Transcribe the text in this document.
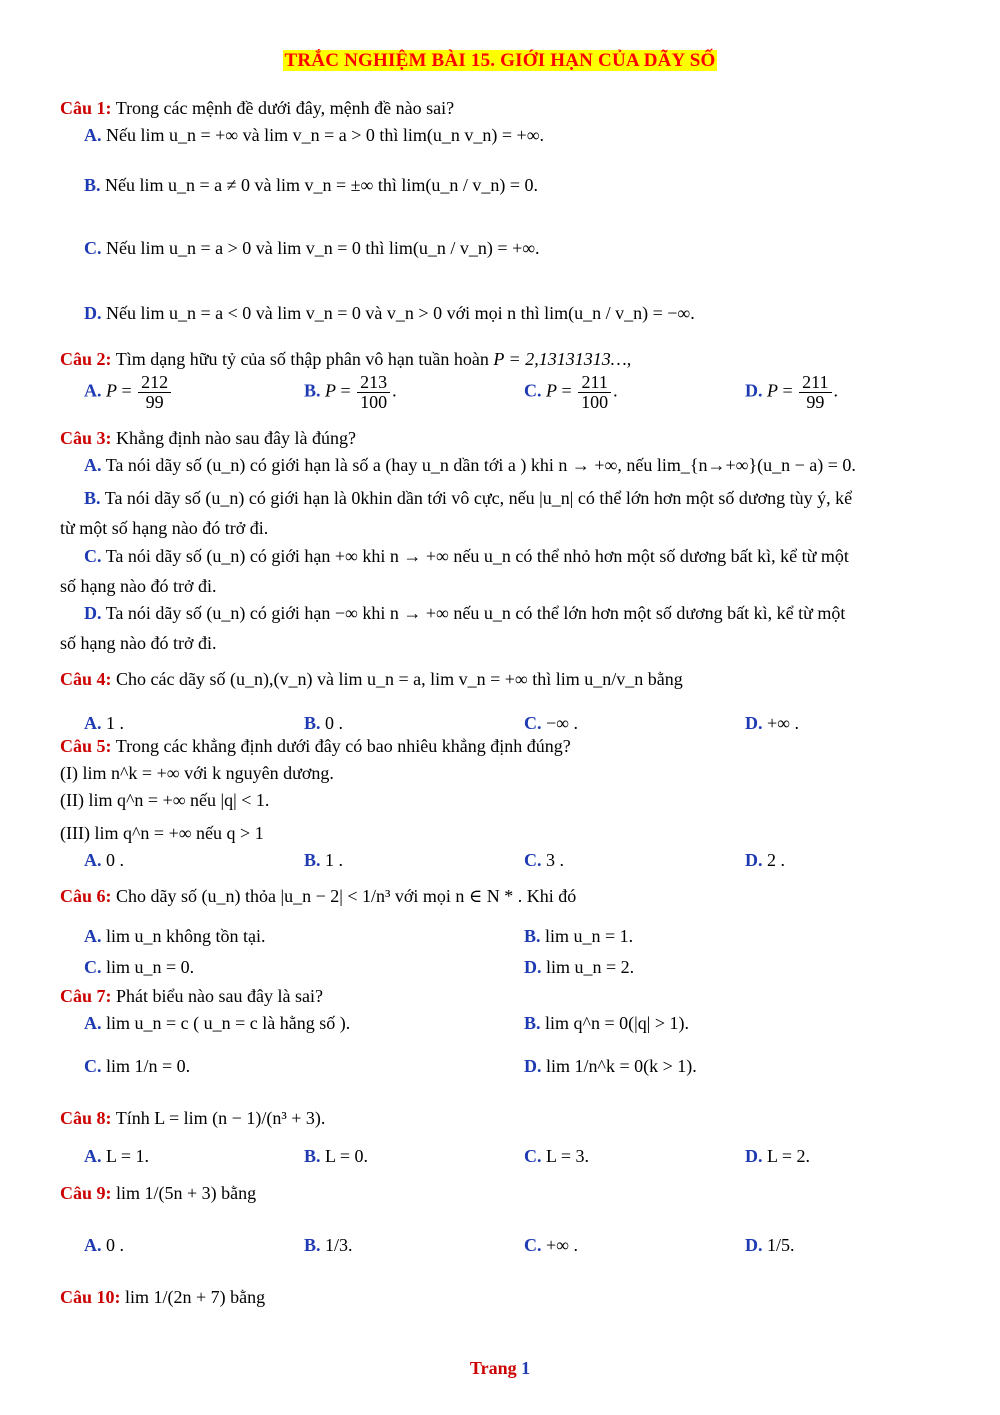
TRẮC NGHIỆM BÀI 15. GIỚI HẠN CỦA DÃY SỐ
Câu 1: Trong các mệnh đề dưới đây, mệnh đề nào sai?
A. Nếu lim u_n = +∞ và lim v_n = a > 0 thì lim(u_n v_n) = +∞.
B. Nếu lim u_n = a ≠ 0 và lim v_n = ±∞ thì lim(u_n / v_n) = 0.
C. Nếu lim u_n = a > 0 và lim v_n = 0 thì lim(u_n / v_n) = +∞.
D. Nếu lim u_n = a < 0 và lim v_n = 0 và v_n > 0 với mọi n thì lim(u_n / v_n) = −∞.
Câu 2: Tìm dạng hữu tỷ của số thập phân vô hạn tuần hoàn P = 2,13131313…,
A. $P = \frac{212}{99}$	B. $P = \frac{213}{100}$ .	C. $P = \frac{211}{100}$ .	D. $P = \frac{211}{99}$ .
Câu 3: Khẳng định nào sau đây là đúng?
A. Ta nói dãy số (u_n) có giới hạn là số a (hay u_n dần tới a ) khi n → +∞, nếu lim_{n→+∞}(u_n − a) = 0.
B. Ta nói dãy số (u_n) có giới hạn là 0khin dần tới vô cực, nếu |u_n| có thể lớn hơn một số dương tùy ý, kể
từ một số hạng nào đó trở đi.
C. Ta nói dãy số (u_n) có giới hạn +∞ khi n → +∞ nếu u_n có thể nhỏ hơn một số dương bất kì, kể từ một
số hạng nào đó trở đi.
D. Ta nói dãy số (u_n) có giới hạn −∞ khi n → +∞ nếu u_n có thể lớn hơn một số dương bất kì, kể từ một
số hạng nào đó trở đi.
Câu 4: Cho các dãy số (u_n),(v_n) và lim u_n = a, lim v_n = +∞ thì lim u_n/v_n bằng
A. 1 .	B. 0 .	C. −∞ .	D. +∞ .
Câu 5: Trong các khẳng định dưới đây có bao nhiêu khẳng định đúng?
(I) lim n^k = +∞ với k nguyên dương.
(II) lim q^n = +∞ nếu |q| < 1.
(III) lim q^n = +∞ nếu q > 1
A. 0 .	B. 1 .	C. 3 .	D. 2 .
Câu 6: Cho dãy số (u_n) thỏa |u_n − 2| < 1/n³ với mọi n ∈ N * . Khi đó
A. lim u_n không tồn tại.	B. lim u_n = 1.
C. lim u_n = 0.	D. lim u_n = 2.
Câu 7: Phát biểu nào sau đây là sai?
A. lim u_n = c ( u_n = c là hằng số ).	B. lim q^n = 0(|q| > 1).
C. lim 1/n = 0.	D. lim 1/n^k = 0(k > 1).
Câu 8: Tính L = lim (n − 1)/(n³ + 3).
A. L = 1.	B. L = 0.	C. L = 3.	D. L = 2.
Câu 9: lim 1/(5n + 3) bằng
A. 0 .	B. 1/3.	C. +∞ .	D. 1/5.
Câu 10: lim 1/(2n + 7) bằng
Trang 1
